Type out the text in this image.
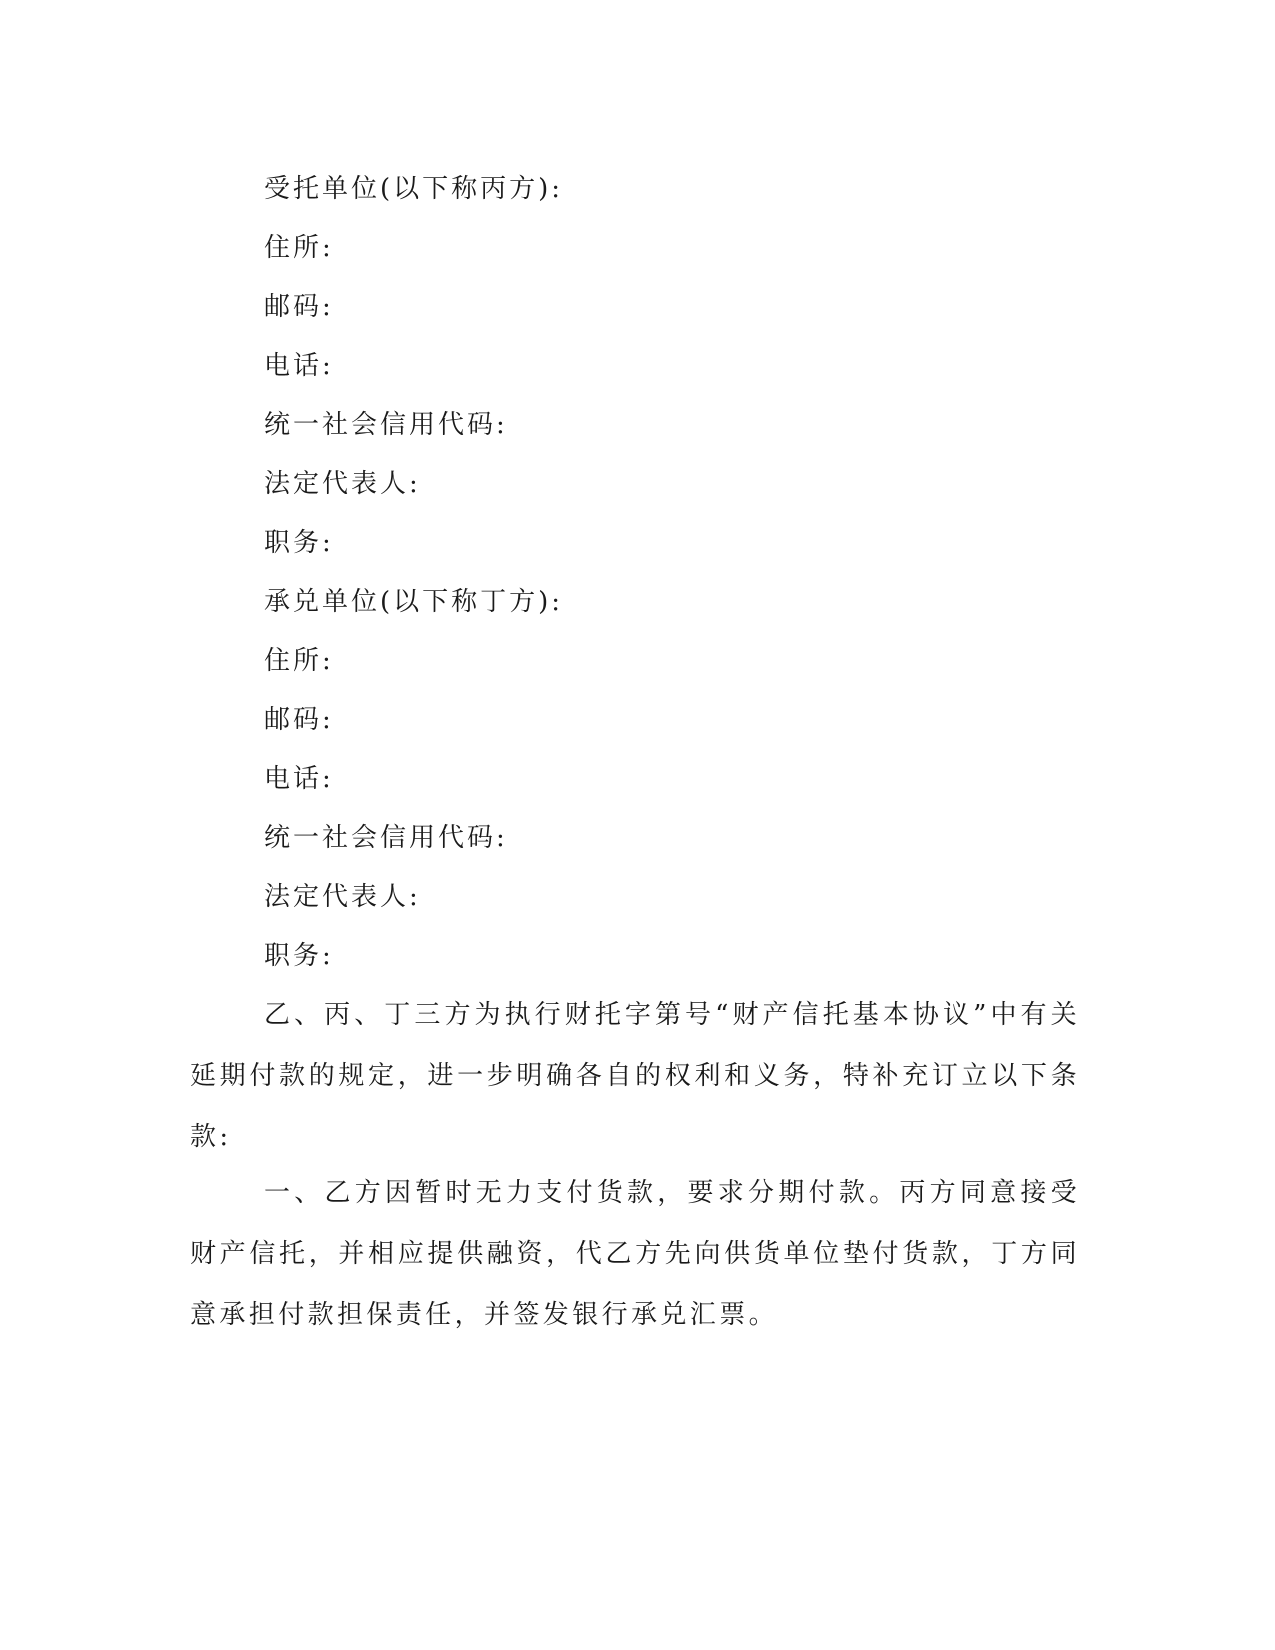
受托单位(以下称丙方):
住所:
邮码:
电话:
统一社会信用代码:
法定代表人:
职务:
承兑单位(以下称丁方):
住所:
邮码:
电话:
统一社会信用代码:
法定代表人:
职务:
乙、丙、丁三方为执行财托字第号“财产信托基本协议”中有关延期付款的规定，进一步明确各自的权利和义务，特补充订立以下条款:
一、乙方因暂时无力支付货款，要求分期付款。丙方同意接受财产信托，并相应提供融资，代乙方先向供货单位垫付货款，丁方同意承担付款担保责任，并签发银行承兑汇票。
